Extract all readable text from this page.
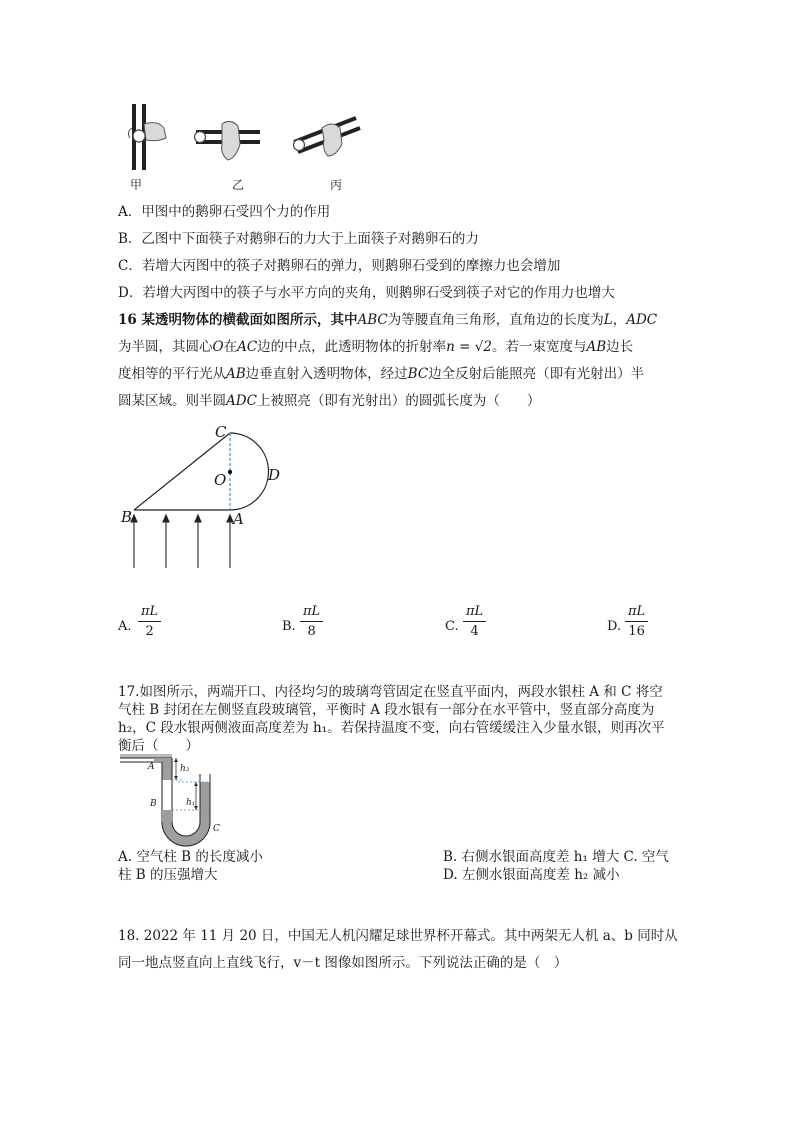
甲	乙	丙
A．甲图中的鹅卵石受四个力的作用
B．乙图中下面筷子对鹅卵石的力大于上面筷子对鹅卵石的力
C．若增大丙图中的筷子对鹅卵石的弹力，则鹅卵石受到的摩擦力也会增加
D．若增大丙图中的筷子与水平方向的夹角，则鹅卵石受到筷子对它的作用力也增大
16 某透明物体的横截面如图所示，其中ABC为等腰直角三角形，直角边的长度为L，ADC
为半圆，其圆心O在AC边的中点，此透明物体的折射率n = √2。若一束宽度与AB边长
度相等的平行光从AB边垂直射入透明物体，经过BC边全反射后能照亮（即有光射出）半
圆某区域。则半圆ADC上被照亮（即有光射出）的圆弧长度为（　　）
C
O	D
B	A
A. $\frac{\pi L}{2}$	B. $\frac{\pi L}{8}$	C. $\frac{\pi L}{4}$	D. $\frac{\pi L}{16}$
17.如图所示，两端开口、内径均匀的玻璃弯管固定在竖直平面内，两段水银柱 A 和 C 将空
气柱 B 封闭在左侧竖直段玻璃管，平衡时 A 段水银有一部分在水平管中，竖直部分高度为
h₂，C 段水银两侧液面高度差为 h₁。若保持温度不变，向右管缓缓注入少量水银，则再次平
衡后（　　）
A	h₂
B	h₁
C
A. 空气柱 B 的长度减小	B. 右侧水银面高度差 h₁ 增大 C. 空气
柱 B 的压强增大	D. 左侧水银面高度差 h₂ 减小
18. 2022 年 11 月 20 日，中国无人机闪耀足球世界杯开幕式。其中两架无人机 a、b 同时从
同一地点竖直向上直线飞行，v－t 图像如图所示。下列说法正确的是（　）
